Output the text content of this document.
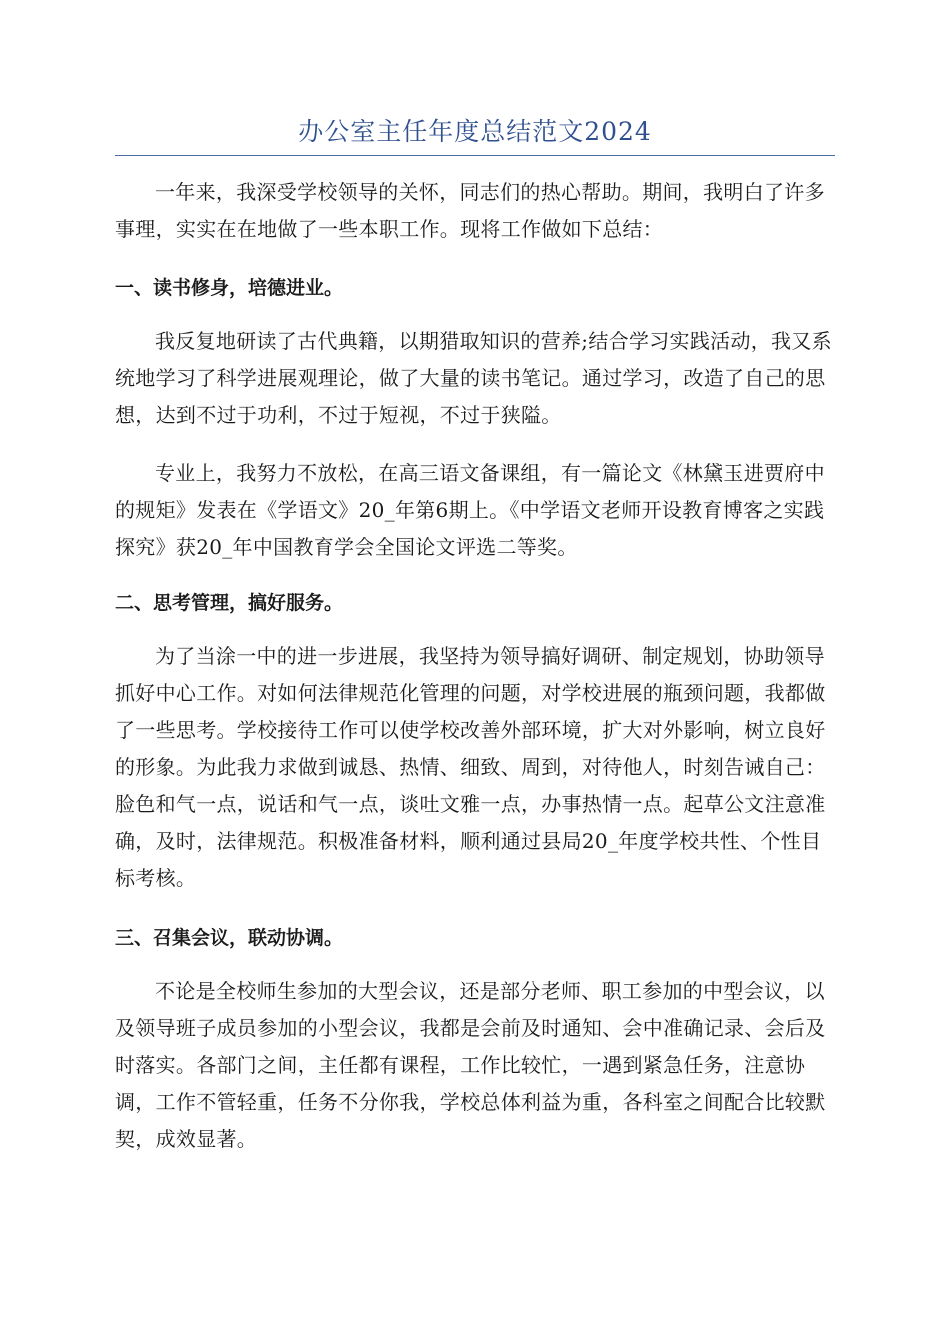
办公室主任年度总结范文2024

一年来，我深受学校领导的关怀，同志们的热心帮助。期间，我明白了许多事理，实实在在地做了一些本职工作。现将工作做如下总结：

一、读书修身，培德进业。

我反复地研读了古代典籍，以期猎取知识的营养;结合学习实践活动，我又系统地学习了科学进展观理论，做了大量的读书笔记。通过学习，改造了自己的思想，达到不过于功利，不过于短视，不过于狭隘。

专业上，我努力不放松，在高三语文备课组，有一篇论文《林黛玉进贾府中的规矩》发表在《学语文》20_年第6期上。《中学语文老师开设教育博客之实践探究》获20_年中国教育学会全国论文评选二等奖。

二、思考管理，搞好服务。

为了当涂一中的进一步进展，我坚持为领导搞好调研、制定规划，协助领导抓好中心工作。对如何法律规范化管理的问题，对学校进展的瓶颈问题，我都做了一些思考。学校接待工作可以使学校改善外部环境，扩大对外影响，树立良好的形象。为此我力求做到诚恳、热情、细致、周到，对待他人，时刻告诫自己：脸色和气一点，说话和气一点，谈吐文雅一点，办事热情一点。起草公文注意准确，及时，法律规范。积极准备材料，顺利通过县局20_年度学校共性、个性目标考核。

三、召集会议，联动协调。

不论是全校师生参加的大型会议，还是部分老师、职工参加的中型会议，以及领导班子成员参加的小型会议，我都是会前及时通知、会中准确记录、会后及时落实。各部门之间，主任都有课程，工作比较忙，一遇到紧急任务，注意协调，工作不管轻重，任务不分你我，学校总体利益为重，各科室之间配合比较默契，成效显著。
